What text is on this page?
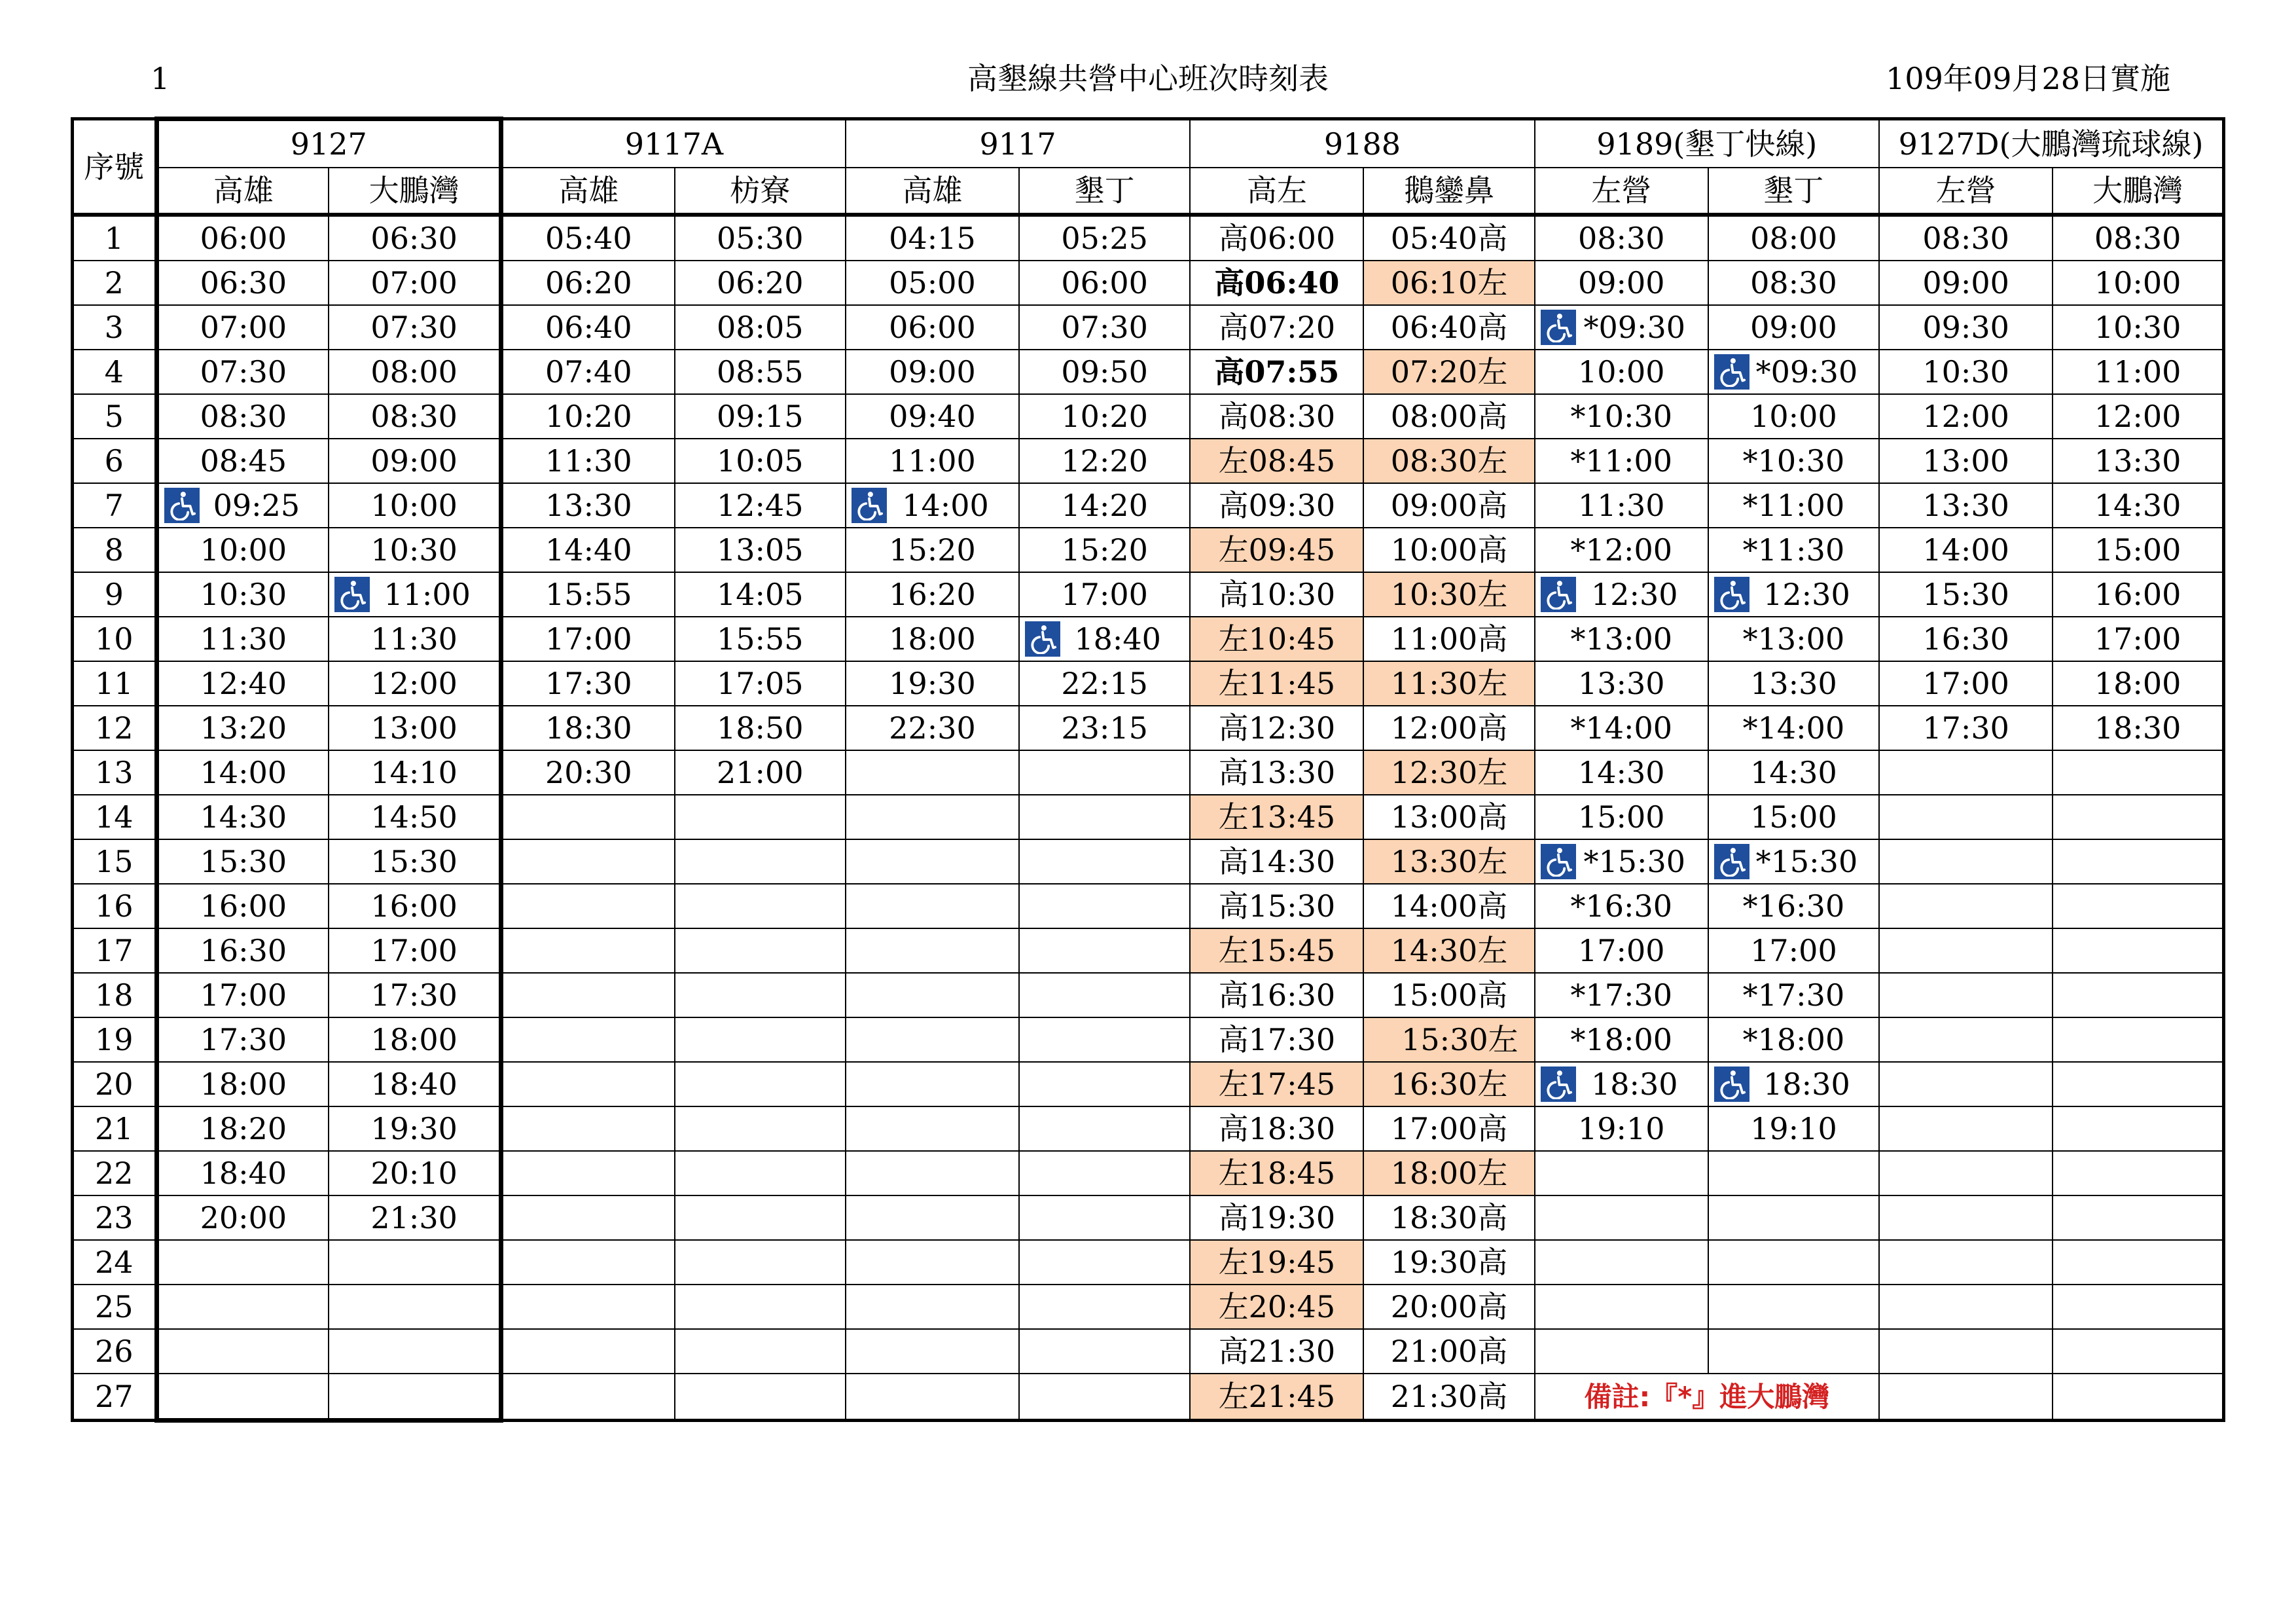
1	高墾線共營中心班次時刻表	109年09月28日實施
序號	9127		9117A		9117		9188		9189(墾丁快線)		9127D(大鵬灣琉球線)	
	高雄	大鵬灣	高雄	枋寮	高雄	墾丁	高左	鵝鑾鼻	左營	墾丁	左營	大鵬灣
1	06:00	06:30	05:40	05:30	04:15	05:25	高06:00	05:40高	08:30	08:00	08:30	08:30
2	06:30	07:00	06:20	06:20	05:00	06:00	高06:40	06:10左	09:00	08:30	09:00	10:00
3	07:00	07:30	06:40	08:05	06:00	07:30	高07:20	06:40高	*09:30	09:00	09:30	10:30
4	07:30	08:00	07:40	08:55	09:00	09:50	高07:55	07:20左	10:00	*09:30	10:30	11:00
5	08:30	08:30	10:20	09:15	09:40	10:20	高08:30	08:00高	*10:30	10:00	12:00	12:00
6	08:45	09:00	11:30	10:05	11:00	12:20	左08:45	08:30左	*11:00	*10:30	13:00	13:30
7	09:25	10:00	13:30	12:45	14:00	14:20	高09:30	09:00高	11:30	*11:00	13:30	14:30
8	10:00	10:30	14:40	13:05	15:20	15:20	左09:45	10:00高	*12:00	*11:30	14:00	15:00
9	10:30	11:00	15:55	14:05	16:20	17:00	高10:30	10:30左	12:30	12:30	15:30	16:00
10	11:30	11:30	17:00	15:55	18:00	18:40	左10:45	11:00高	*13:00	*13:00	16:30	17:00
11	12:40	12:00	17:30	17:05	19:30	22:15	左11:45	11:30左	13:30	13:30	17:00	18:00
12	13:20	13:00	18:30	18:50	22:30	23:15	高12:30	12:00高	*14:00	*14:00	17:30	18:30
13	14:00	14:10	20:30	21:00			高13:30	12:30左	14:30	14:30		
14	14:30	14:50					左13:45	13:00高	15:00	15:00		
15	15:30	15:30					高14:30	13:30左	*15:30	*15:30		
16	16:00	16:00					高15:30	14:00高	*16:30	*16:30		
17	16:30	17:00					左15:45	14:30左	17:00	17:00		
18	17:00	17:30					高16:30	15:00高	*17:30	*17:30		
19	17:30	18:00					高17:30	15:30左	*18:00	*18:00		
20	18:00	18:40					左17:45	16:30左	18:30	18:30		
21	18:20	19:30					高18:30	17:00高	19:10	19:10		
22	18:40	20:10					左18:45	18:00左				
23	20:00	21:30					高19:30	18:30高				
24							左19:45	19:30高				
25							左20:45	20:00高				
26							高21:30	21:00高				
27							左21:45	21:30高	備註:『*』進大鵬灣			
